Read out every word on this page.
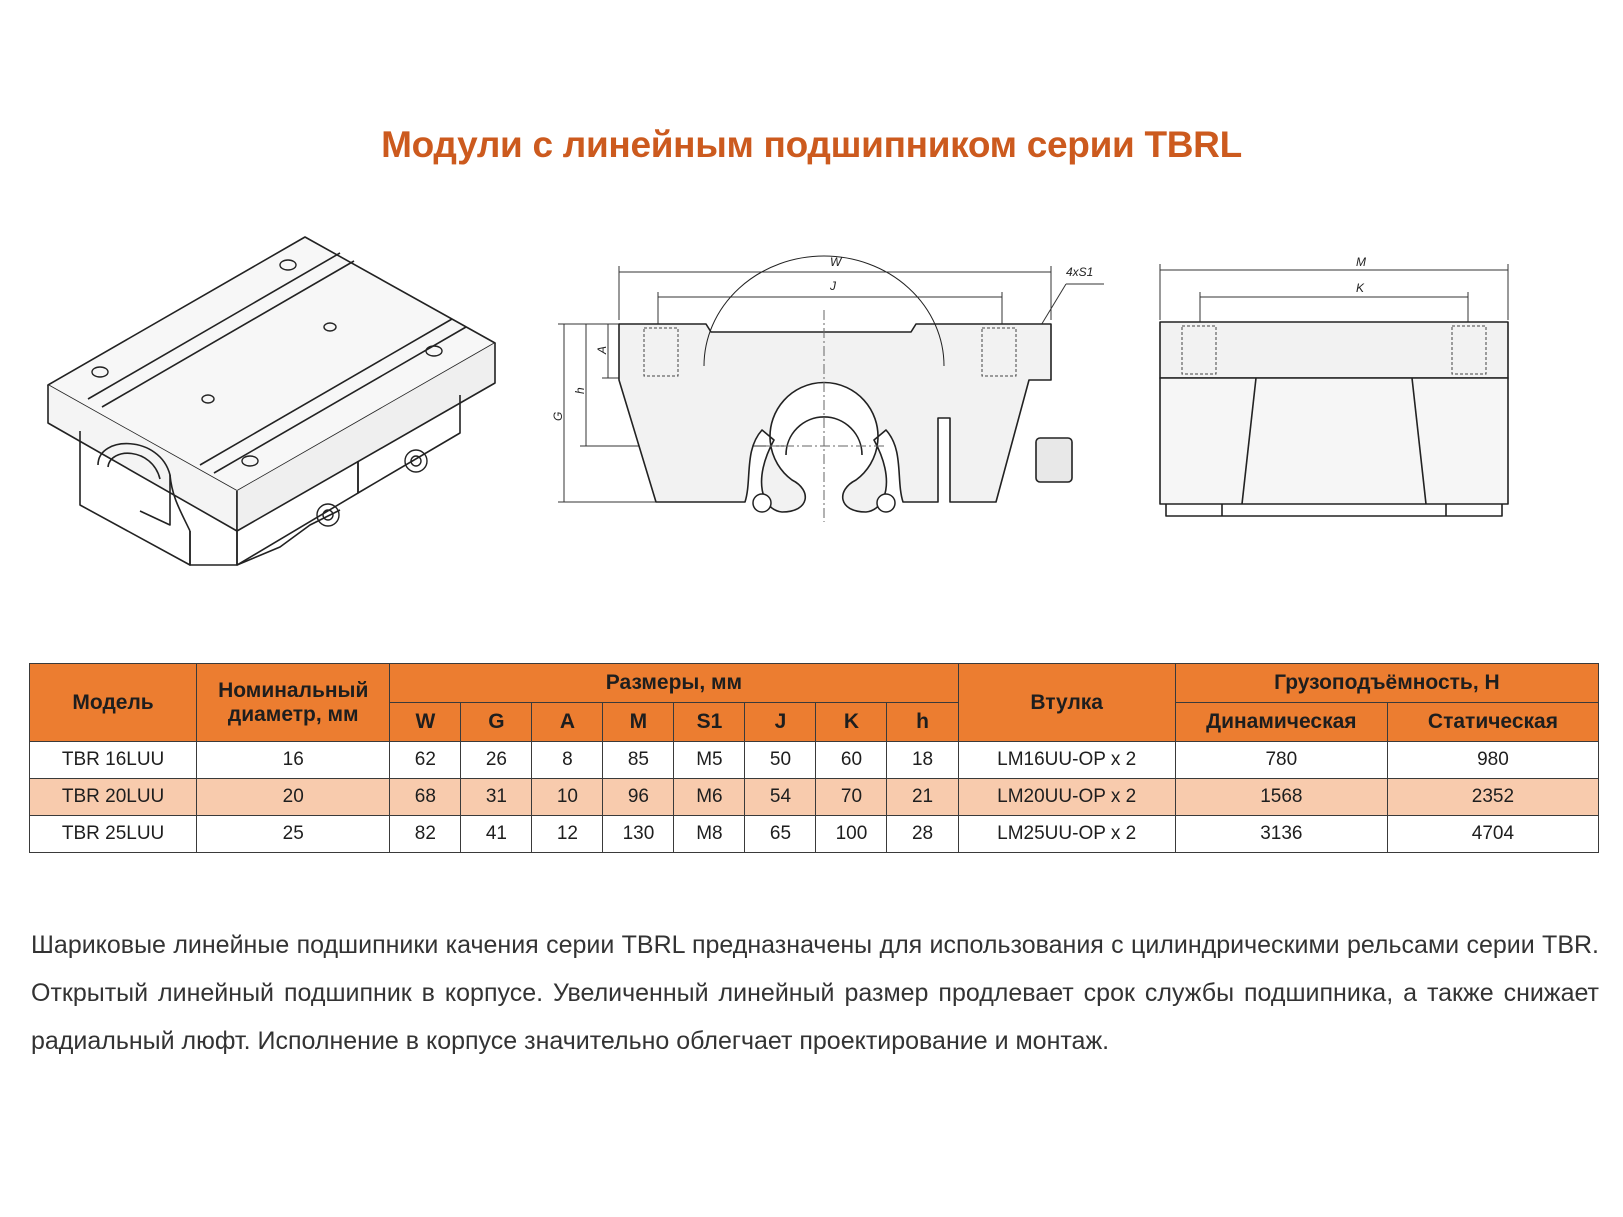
Модули с линейным подшипником серии TBRL
W
J
4xS1
G
h
A
M
K
Модель	Номинальный диаметр, мм	Размеры, мм								Втулка	Грузоподъёмность, Н	
		W	G	A	M	S1	J	K	h		Динамическая	Статическая
TBR 16LUU	16	62	26	8	85	M5	50	60	18	LM16UU-OP x 2	780	980
TBR 20LUU	20	68	31	10	96	M6	54	70	21	LM20UU-OP x 2	1568	2352
TBR 25LUU	25	82	41	12	130	M8	65	100	28	LM25UU-OP x 2	3136	4704

Шариковые линейные подшипники качения серии TBRL предназначены для использования с цилиндрическими рельсами серии TBR. Открытый линейный подшипник в корпусе. Увеличенный линейный размер продлевает срок службы подшипника, а также снижает радиальный люфт. Исполнение в корпусе значительно облегчает проектирование и монтаж.
